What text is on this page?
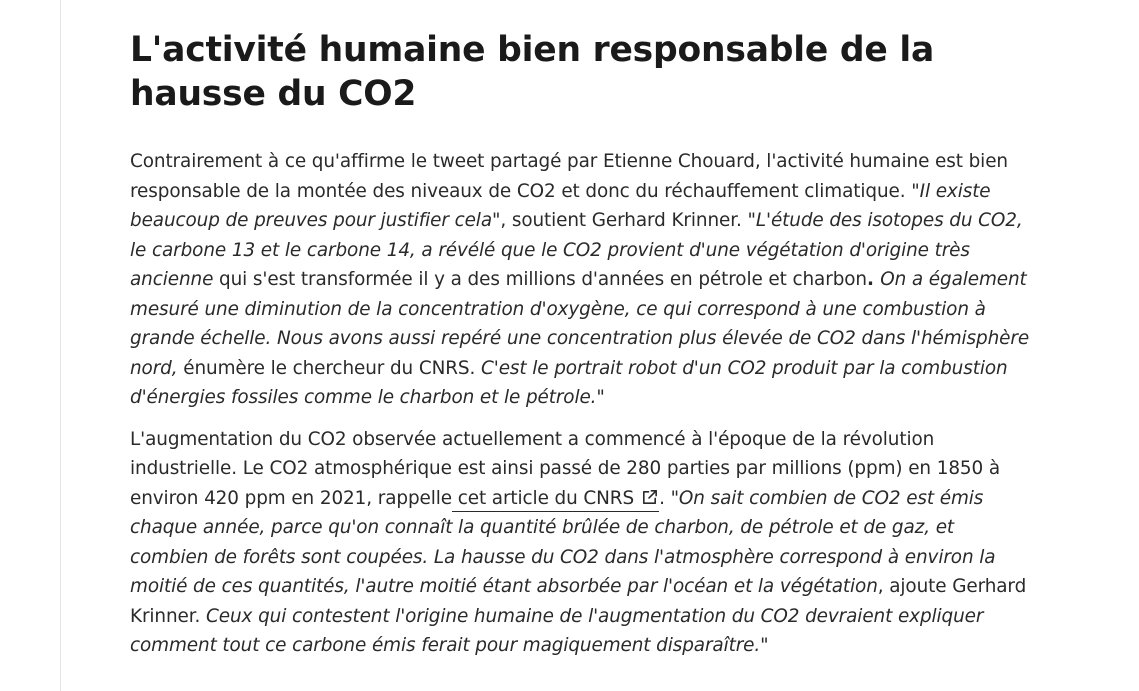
L'activité humaine bien responsable de la hausse du CO2

Contrairement à ce qu'affirme le tweet partagé par Etienne Chouard, l'activité humaine est bien responsable de la montée des niveaux de CO2 et donc du réchauffement climatique. "Il existe beaucoup de preuves pour justifier cela", soutient Gerhard Krinner. "L'étude des isotopes du CO2, le carbone 13 et le carbone 14, a révélé que le CO2 provient d'une végétation d'origine très ancienne qui s'est transformée il y a des millions d'années en pétrole et charbon. On a également mesuré une diminution de la concentration d'oxygène, ce qui correspond à une combustion à grande échelle. Nous avons aussi repéré une concentration plus élevée de CO2 dans l'hémisphère nord, énumère le chercheur du CNRS. C'est le portrait robot d'un CO2 produit par la combustion d'énergies fossiles comme le charbon et le pétrole."

L'augmentation du CO2 observée actuellement a commencé à l'époque de la révolution industrielle. Le CO2 atmosphérique est ainsi passé de 280 parties par millions (ppm) en 1850 à environ 420 ppm en 2021, rappelle cet article du CNRS . "On sait combien de CO2 est émis chaque année, parce qu'on connaît la quantité brûlée de charbon, de pétrole et de gaz, et combien de forêts sont coupées. La hausse du CO2 dans l'atmosphère correspond à environ la moitié de ces quantités, l'autre moitié étant absorbée par l'océan et la végétation, ajoute Gerhard Krinner. Ceux qui contestent l'origine humaine de l'augmentation du CO2 devraient expliquer comment tout ce carbone émis ferait pour magiquement disparaître."
